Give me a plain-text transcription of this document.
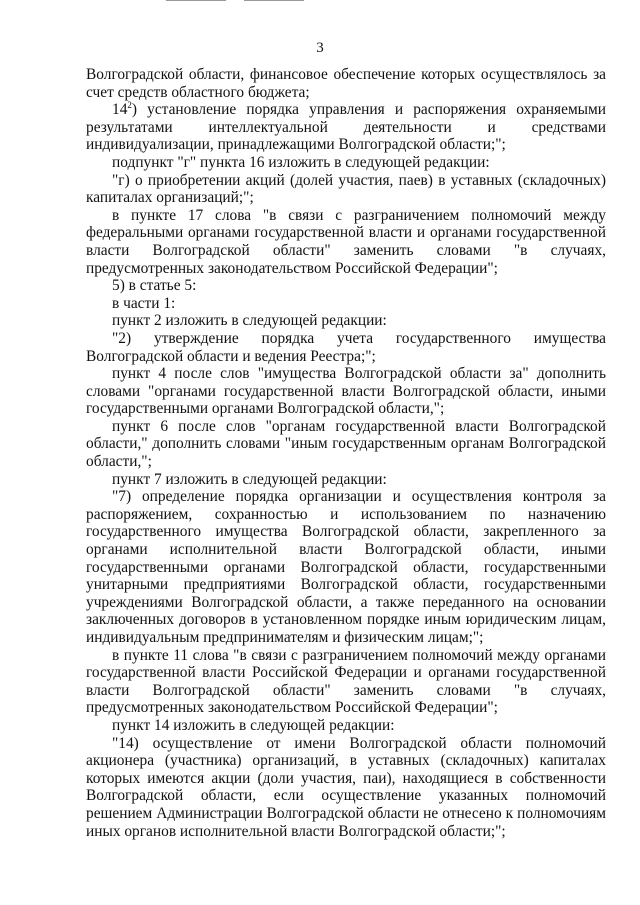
3

Волгоградской области, финансовое обеспечение которых осуществлялось за счет средств областного бюджета;

$14^2$) установление порядка управления и распоряжения охраняемыми результатами интеллектуальной деятельности и средствами индивидуализации, принадлежащими Волгоградской области;";

подпункт "г" пункта 16 изложить в следующей редакции:

"г) о приобретении акций (долей участия, паев) в уставных (складочных) капиталах организаций;";

в пункте 17 слова "в связи с разграничением полномочий между федеральными органами государственной власти и органами государственной власти Волгоградской области" заменить словами "в случаях, предусмотренных законодательством Российской Федерации";

5) в статье 5:

в части 1:

пункт 2 изложить в следующей редакции:

"2) утверждение порядка учета государственного имущества Волгоградской области и ведения Реестра;";

пункт 4 после слов "имущества Волгоградской области за" дополнить словами "органами государственной власти Волгоградской области, иными государственными органами Волгоградской области,";

пункт 6 после слов "органам государственной власти Волгоградской области," дополнить словами "иным государственным органам Волгоградской области,";

пункт 7 изложить в следующей редакции:

"7) определение порядка организации и осуществления контроля за распоряжением, сохранностью и использованием по назначению государственного имущества Волгоградской области, закрепленного за органами исполнительной власти Волгоградской области, иными государственными органами Волгоградской области, государственными унитарными предприятиями Волгоградской области, государственными учреждениями Волгоградской области, а также переданного на основании заключенных договоров в установленном порядке иным юридическим лицам, индивидуальным предпринимателям и физическим лицам;";

в пункте 11 слова "в связи с разграничением полномочий между органами государственной власти Российской Федерации и органами государственной власти Волгоградской области" заменить словами "в случаях, предусмотренных законодательством Российской Федерации";

пункт 14 изложить в следующей редакции:

"14) осуществление от имени Волгоградской области полномочий акционера (участника) организаций, в уставных (складочных) капиталах которых имеются акции (доли участия, паи), находящиеся в собственности Волгоградской области, если осуществление указанных полномочий решением Администрации Волгоградской области не отнесено к полномочиям иных органов исполнительной власти Волгоградской области;";
